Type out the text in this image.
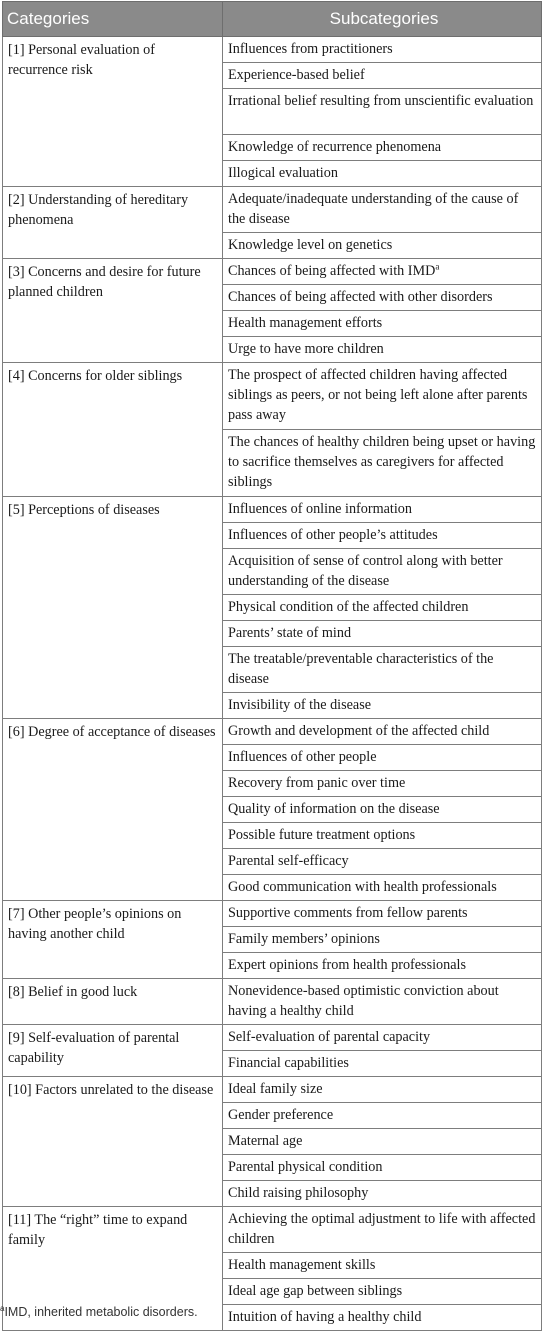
Categories	Subcategories
[1] Personal evaluation of recurrence risk	Influences from practitioners
	Experience-based belief
	Irrational belief resulting from unscientific evaluation
	Knowledge of recurrence phenomena
	Illogical evaluation
[2] Understanding of hereditary phenomena	Adequate/inadequate understanding of the cause of the disease
	Knowledge level on genetics
[3] Concerns and desire for future planned children	Chances of being affected with IMD$^a$
	Chances of being affected with other disorders
	Health management efforts
	Urge to have more children
[4] Concerns for older siblings	The prospect of affected children having affected siblings as peers, or not being left alone after parents pass away
	The chances of healthy children being upset or having to sacrifice themselves as caregivers for affected siblings
[5] Perceptions of diseases	Influences of online information
	Influences of other people’s attitudes
	Acquisition of sense of control along with better understanding of the disease
	Physical condition of the affected children
	Parents’ state of mind
	The treatable/preventable characteristics of the disease
	Invisibility of the disease
[6] Degree of acceptance of diseases	Growth and development of the affected child
	Influences of other people
	Recovery from panic over time
	Quality of information on the disease
	Possible future treatment options
	Parental self-efficacy
	Good communication with health professionals
[7] Other people’s opinions on having another child	Supportive comments from fellow parents
	Family members’ opinions
	Expert opinions from health professionals
[8] Belief in good luck	Nonevidence-based optimistic conviction about having a healthy child
[9] Self-evaluation of parental capability	Self-evaluation of parental capacity
	Financial capabilities
[10] Factors unrelated to the disease	Ideal family size
	Gender preference
	Maternal age
	Parental physical condition
	Child raising philosophy
[11] The “right” time to expand family	Achieving the optimal adjustment to life with affected children
	Health management skills
	Ideal age gap between siblings
	Intuition of having a healthy child
$^a$IMD, inherited metabolic disorders.
